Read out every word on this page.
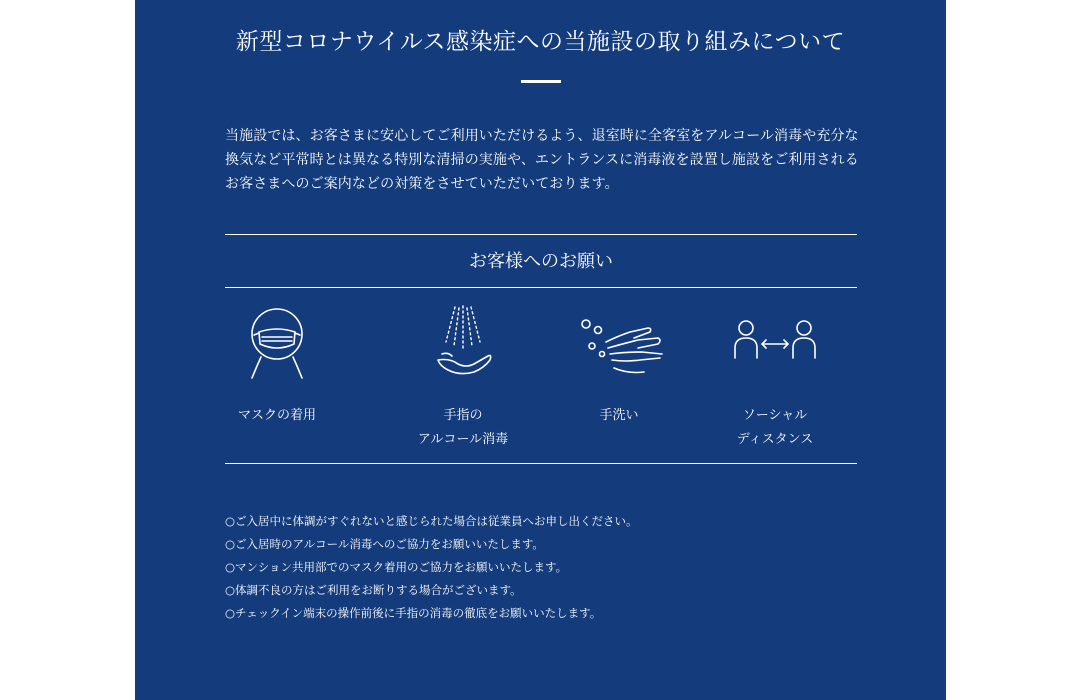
新型コロナウイルス感染症への当施設の取り組みについて
当施設では、お客さまに安心してご利用いただけるよう、退室時に全客室をアルコール消毒や充分な換気など平常時とは異なる特別な清掃の実施や、エントランスに消毒液を設置し施設をご利用されるお客さまへのご案内などの対策をさせていただいております。
お客様へのお願い
マスクの着用	手指の
アルコール消毒
手洗い	ソーシャル
ディスタンス
○ご入居中に体調がすぐれないと感じられた場合は従業員へお申し出ください。
○ご入居時のアルコール消毒へのご協力をお願いいたします。
○マンション共用部でのマスク着用のご協力をお願いいたします。
○体調不良の方はご利用をお断りする場合がございます。
○チェックイン端末の操作前後に手指の消毒の徹底をお願いいたします。
